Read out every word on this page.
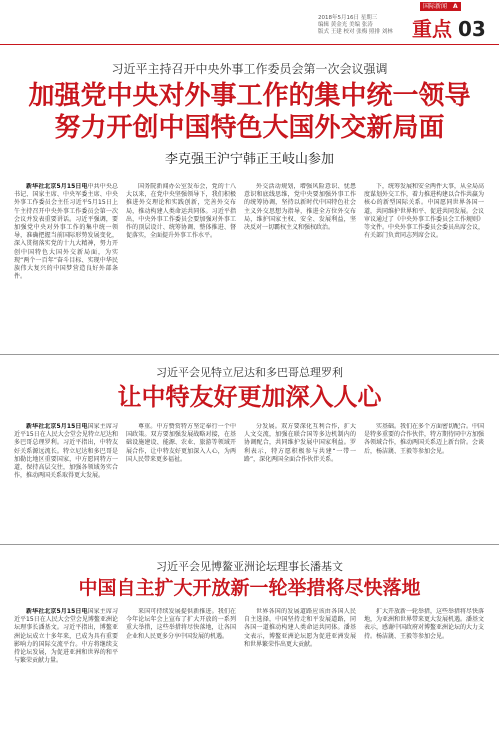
国际新闻 A
2018年5月16日 星期三
编辑 黄金光 美编 张涛
版式 王建 校对 张梅 照排 刘林 重点 03
习近平主持召开中央外事工作委员会第一次会议强调
加强党中央对外事工作的集中统一领导
努力开创中国特色大国外交新局面
李克强王沪宁韩正王岐山参加

新华社北京5月15日电中共中央总书记、国家主席、中央军委主席、中央外事工作委员会主任习近平5月15日上午主持召开中央外事工作委员会第一次会议并发表重要讲话。习近平强调，要加强党中央对外事工作的集中统一领导，准确把握当前国际形势发展变化，深入贯彻落实党的十九大精神，努力开创中国特色大国外交新局面，为实现“两个一百年”奋斗目标、实现中华民族伟大复兴的中国梦营造良好外部条件。

国务院新闻办公室发布会，党的十八大以来，在党中央坚强领导下，我们积极推进外交理论和实践创新，完善外交布局，推动构建人类命运共同体。习近平指出，中央外事工作委员会要加强对外事工作的顶层设计、统筹协调、整体推进、督促落实，全面提升外事工作水平。

外交活动规划，增强风险意识、忧患意识和底线思维，党中央要加强外事工作的统筹协调，坚持以新时代中国特色社会主义外交思想为指导，推进全方位外交布局，维护国家主权、安全、发展利益，坚决反对一切霸权主义和强权政治。

下，统筹发展和安全两件大事，从全局高度谋划外交工作，着力推进构建以合作共赢为核心的新型国际关系。中国愿同世界各国一道，共同维护世界和平、促进共同发展。会议审议通过了《中央外事工作委员会工作规则》等文件。中央外事工作委员会委员出席会议，有关部门负责同志列席会议。

习近平会见特立尼达和多巴哥总理罗利
让中特友好更加深入人心

新华社北京5月15日电国家主席习近平15日在人民大会堂会见特立尼达和多巴哥总理罗利。习近平指出，中特友好关系源远流长。特立尼达和多巴哥是加勒比地区重要国家，中方愿同特方一道，保持高层交往，加强各领域务实合作，推动两国关系取得更大发展。

尊重。中方赞赏特方坚定奉行一个中国政策。双方要加强发展战略对接，在基础设施建设、能源、农业、旅游等领域开展合作，让中特友好更加深入人心，为两国人民带来更多福祉。

分发展。双方要深化互利合作，扩大人文交流，加强在联合国等多边机制内的协调配合，共同维护发展中国家利益。罗利表示，特方愿积极参与共建“一带一路”，深化两国全面合作伙伴关系。

实基础。我们在多个方面密切配合。中国是特多重要的合作伙伴，特方期待同中方加强各领域合作，推动两国关系迈上新台阶。会谈后，杨洁篪、王毅等参加会见。

习近平会见博鳌亚洲论坛理事长潘基文
中国自主扩大开放新一轮举措将尽快落地

新华社北京5月15日电国家主席习近平15日在人民大会堂会见博鳌亚洲论坛理事长潘基文。习近平指出，博鳌亚洲论坛成立十多年来，已成为具有重要影响力的国际交流平台。中方将继续支持论坛发展，为促进亚洲和世界的和平与繁荣贡献力量。

来国可持续发展提供新推进。我们在今年论坛年会上宣布了扩大开放的一系列重大举措，这些举措将尽快落地，让各国企业和人民更多分享中国发展的机遇。

世界各国的发展道路应该由各国人民自主选择，中国坚持走和平发展道路，同各国一道推动构建人类命运共同体。潘基文表示，博鳌亚洲论坛愿为促进亚洲发展和世界繁荣作出更大贡献。

扩大开放新一轮举措，这些举措将尽快落地，为亚洲和世界带来更大发展机遇。潘基文表示，感谢中国政府对博鳌亚洲论坛的大力支持。杨洁篪、王毅等参加会见。
